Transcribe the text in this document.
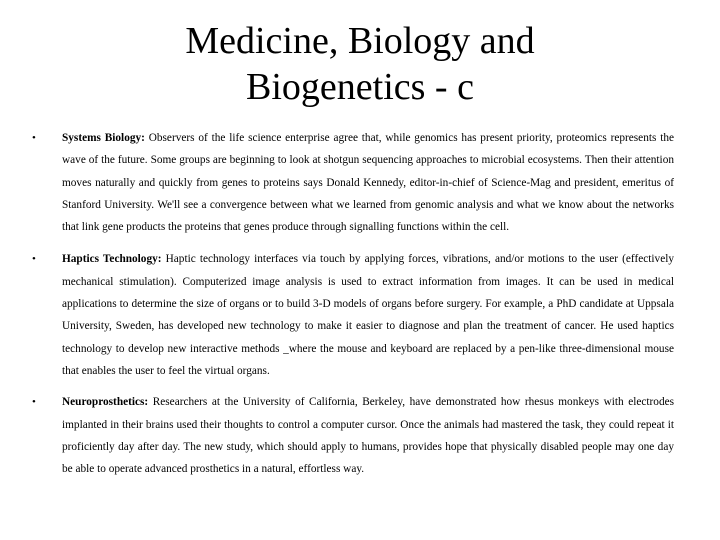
Medicine, Biology and
Biogenetics - c
• Systems Biology: Observers of the life science enterprise agree that, while genomics has present priority, proteomics represents the wave of the future. Some groups are beginning to look at shotgun sequencing approaches to microbial ecosystems. Then their attention moves naturally and quickly from genes to proteins says Donald Kennedy, editor-in-chief of Science-Mag and president, emeritus of Stanford University. We'll see a convergence between what we learned from genomic analysis and what we know about the networks that link gene products the proteins that genes produce through signalling functions within the cell.
• Haptics Technology: Haptic technology interfaces via touch by applying forces, vibrations, and/or motions to the user (effectively mechanical stimulation). Computerized image analysis is used to extract information from images. It can be used in medical applications to determine the size of organs or to build 3-D models of organs before surgery. For example, a PhD candidate at Uppsala University, Sweden, has developed new technology to make it easier to diagnose and plan the treatment of cancer. He used haptics technology to develop new interactive methods _where the mouse and keyboard are replaced by a pen-like three-dimensional mouse that enables the user to feel the virtual organs.
• Neuroprosthetics: Researchers at the University of California, Berkeley, have demonstrated how rhesus monkeys with electrodes implanted in their brains used their thoughts to control a computer cursor. Once the animals had mastered the task, they could repeat it proficiently day after day. The new study, which should apply to humans, provides hope that physically disabled people may one day be able to operate advanced prosthetics in a natural, effortless way.
